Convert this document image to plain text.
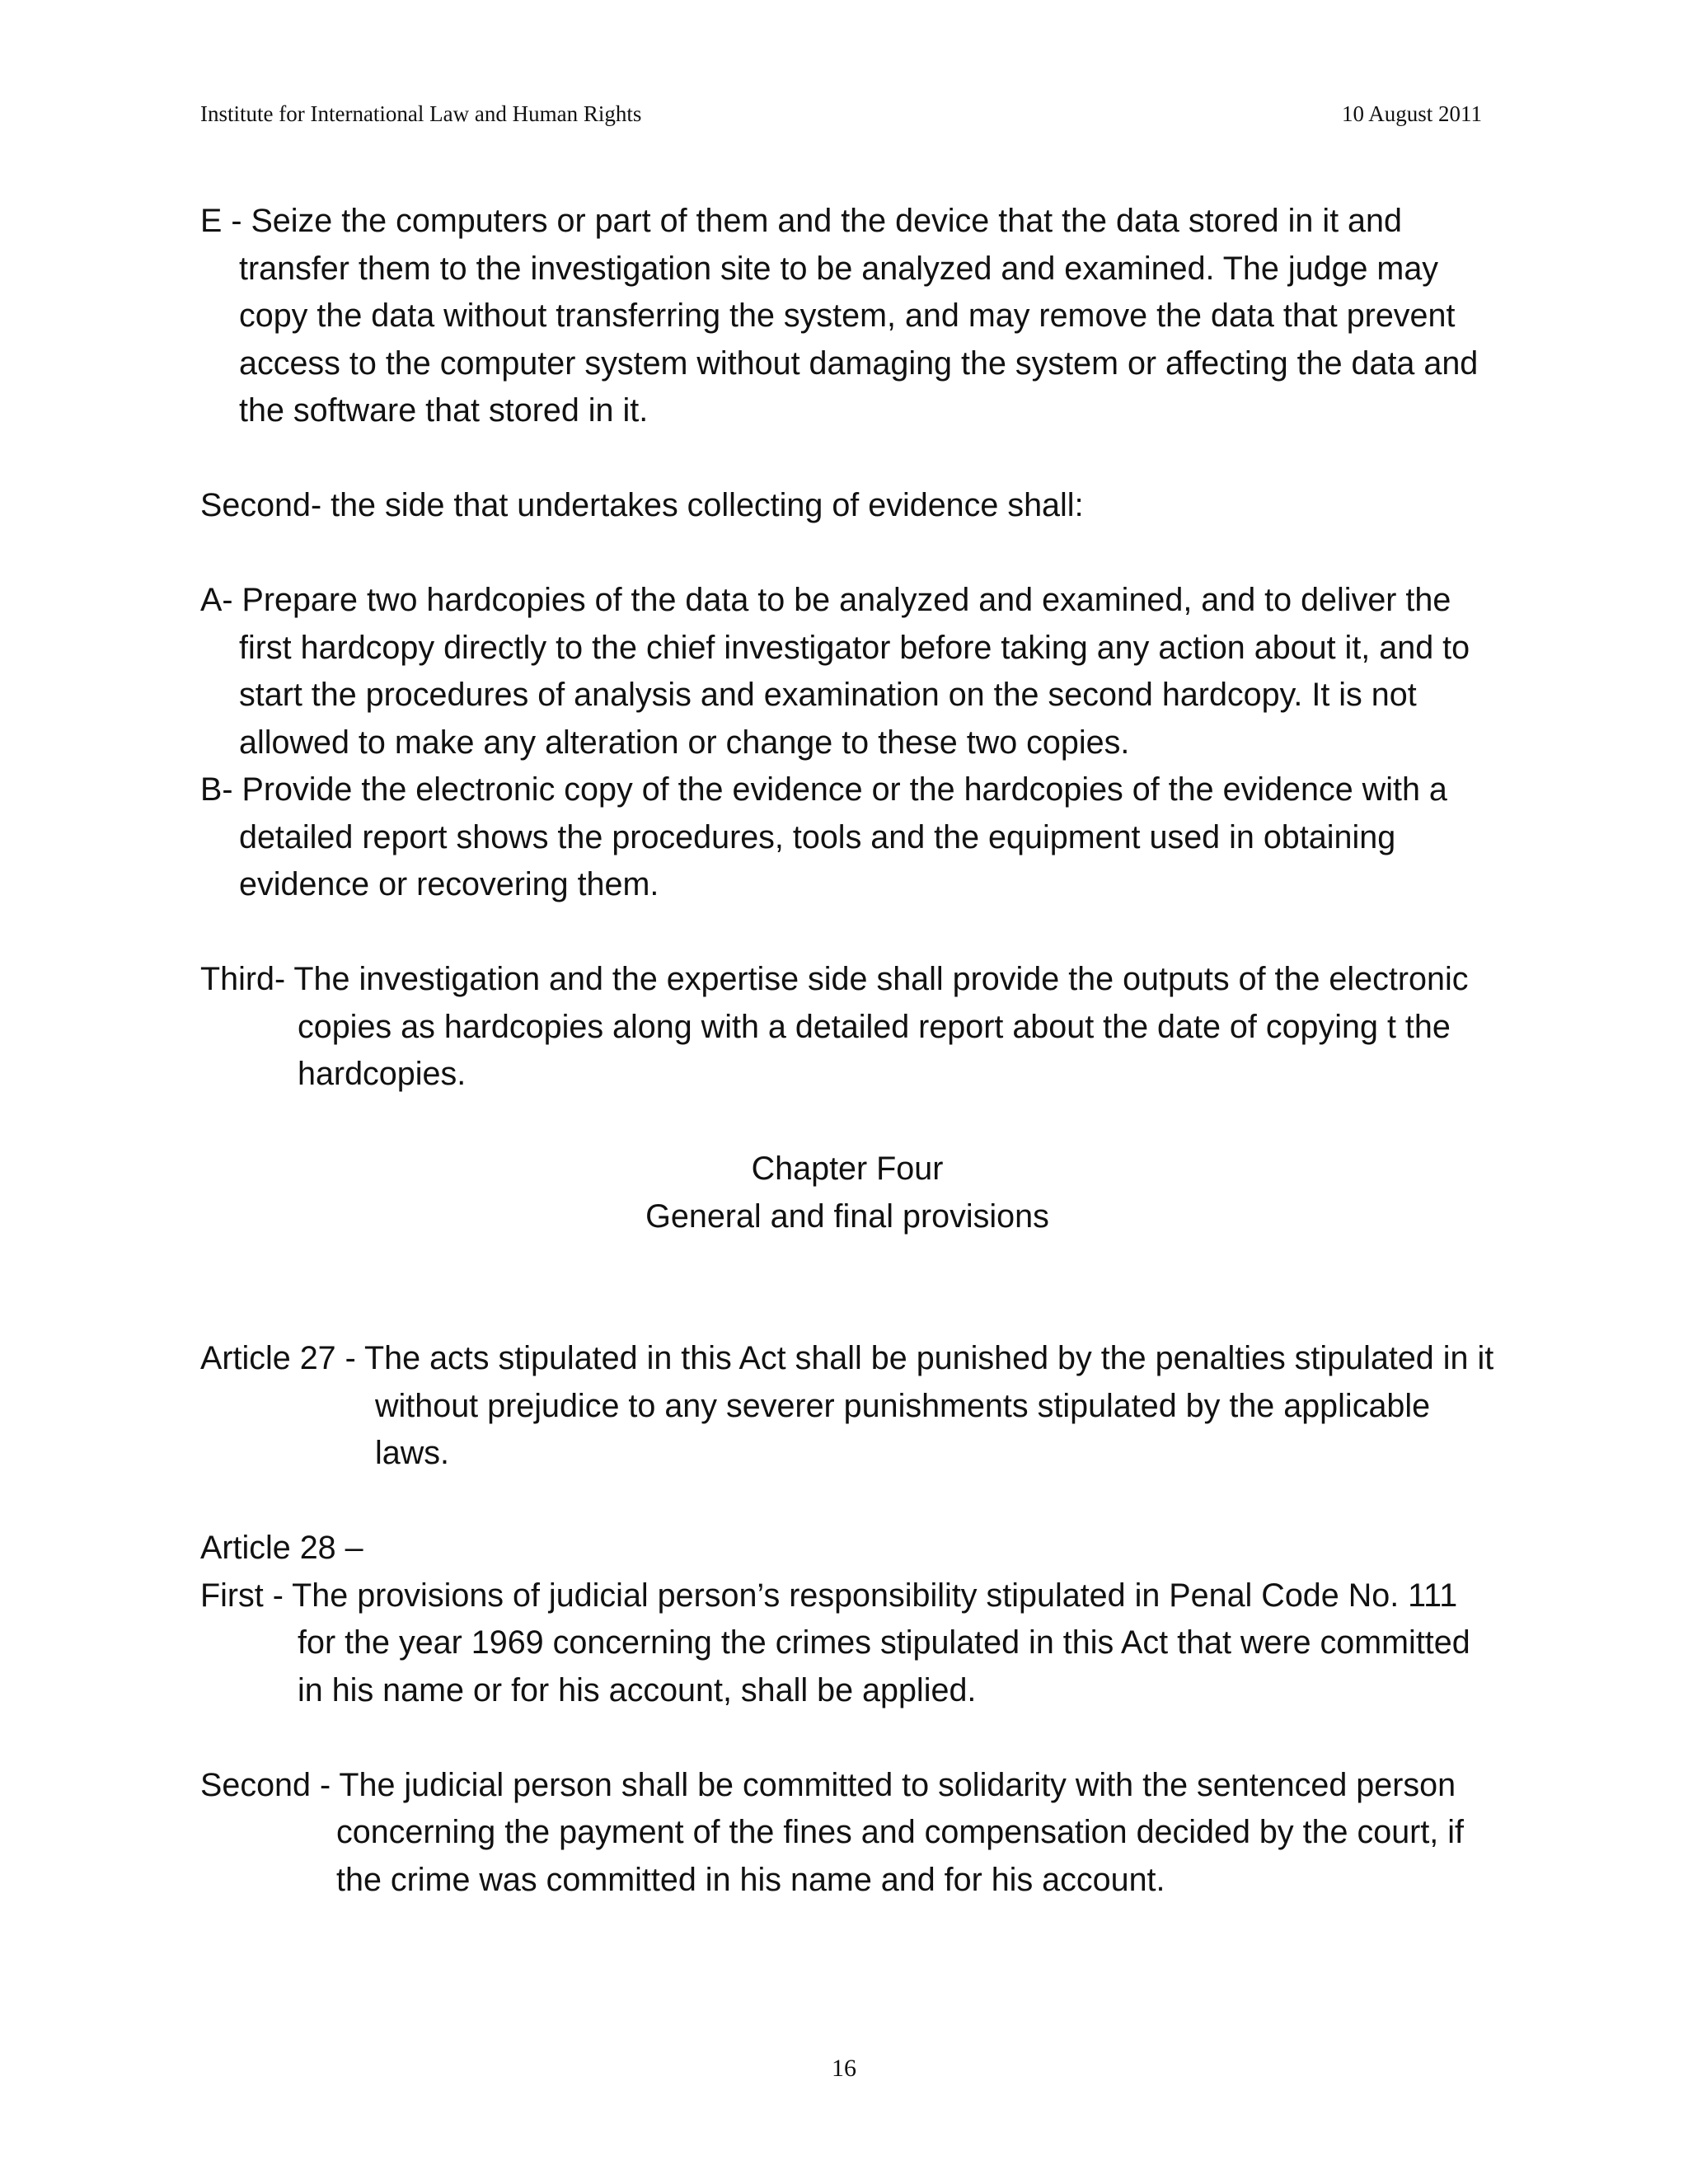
Institute for International Law and Human Rights	10 August 2011

E - Seize the computers or part of them and the device that the data stored in it and transfer them to the investigation site to be analyzed and examined. The judge may copy the data without transferring the system, and may remove the data that prevent access to the computer system without damaging the system or affecting the data and the software that stored in it.

Second- the side that undertakes collecting of evidence shall:

A- Prepare two hardcopies of the data to be analyzed and examined, and to deliver the first hardcopy directly to the chief investigator before taking any action about it, and to start the procedures of analysis and examination on the second hardcopy. It is not allowed to make any alteration or change to these two copies.

B- Provide the electronic copy of the evidence or the hardcopies of the evidence with a detailed report shows the procedures, tools and the equipment used in obtaining evidence or recovering them.

Third- The investigation and the expertise side shall provide the outputs of the electronic copies as hardcopies along with a detailed report about the date of copying t the hardcopies.

Chapter Four

General and final provisions

Article 27 - The acts stipulated in this Act shall be punished by the penalties stipulated in it without prejudice to any severer punishments stipulated by the applicable laws.

Article 28 –

First - The provisions of judicial person’s responsibility stipulated in Penal Code No. 111 for the year 1969 concerning the crimes stipulated in this Act that were committed in his name or for his account, shall be applied.

Second - The judicial person shall be committed to solidarity with the sentenced person concerning the payment of the fines and compensation decided by the court, if the crime was committed in his name and for his account.

16
